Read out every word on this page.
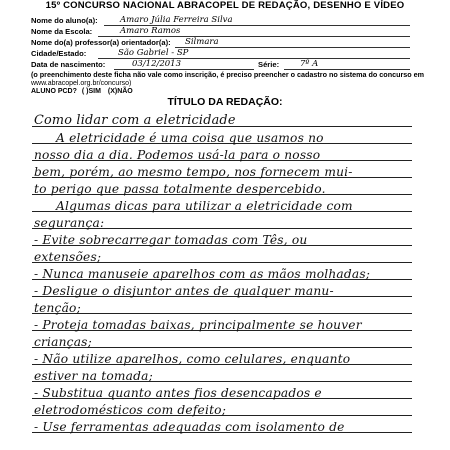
15º CONCURSO NACIONAL ABRACOPEL DE REDAÇÃO, DESENHO E VÍDEO
Nome do aluno(a):	Amaro Júlia Ferreira Silva
Nome da Escola:	Amaro Ramos
Nome do(a) professor(a) orientador(a): Silmara
Cidade/Estado:	São Gabriel - SP
Data de nascimento:	03/12/2013	Série: 7º A
(o preenchimento deste ficha não vale como inscrição, é preciso preencher o cadastro no sistema do concurso em
www.abracopel.org.br/concurso)
ALUNO PCD? ( )SIM (X)NÃO
TÍTULO DA REDAÇÃO:
Como lidar com a eletricidade
A eletricidade é uma coisa que usamos no
nosso dia a dia. Podemos usá-la para o nosso
bem, porém, ao mesmo tempo, nos fornecem mui-
to perigo que passa totalmente despercebido.
Algumas dicas para utilizar a eletricidade com
segurança:
- Evite sobrecarregar tomadas com Tês, ou
extensões;
- Nunca manuseie aparelhos com as mãos molhadas;
- Desligue o disjuntor antes de qualquer manu-
tenção;
- Proteja tomadas baixas, principalmente se houver
crianças;
- Não utilize aparelhos, como celulares, enquanto
estiver na tomada;
- Substitua quanto antes fios desencapados e
eletrodomésticos com defeito;
- Use ferramentas adequadas com isolamento de
